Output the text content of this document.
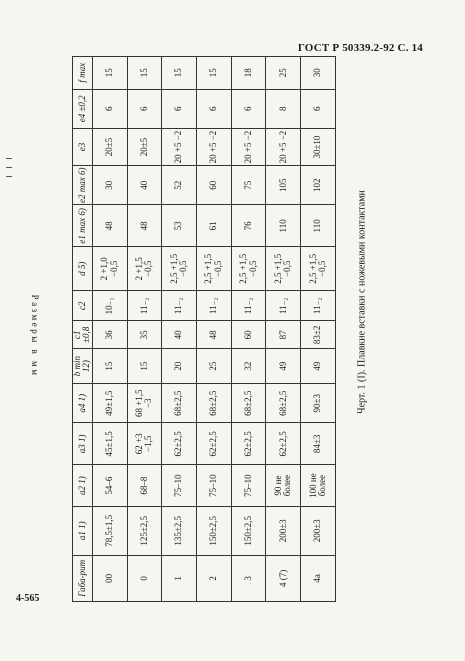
ГОСТ Р 50339.2-92 С. 14
Размеры в мм
Габа-рит	a1 1)	a2 1)	a3 1)	a4 1)	b min 12)	c1 ±0,8	c2	d 5)	e1 max 6)	e2 max 6)	e3	e4 ±0,2	f max
00	78,5±1,5	54–6	45±1,5	49±1,5	15	36	10₋₁	2 +1,0 −0,5	48	30	20±5	6	15
0	125±2,5	68–8	62 +3 −1,5	68 +1,5 −3	15	35	11₋₂	2 +1,5 −0,5	48	40	20±5	6	15
1	135±2,5	75–10	62±2,5	68±2,5	20	40	11₋₂	2,5 +1,5 −0,5	53	52	20 +5 −2	6	15
2	150±2,5	75–10	62±2,5	68±2,5	25	48	11₋₂	2,5 +1,5 −0,5	61	60	20 +5 −2	6	15
3	150±2,5	75–10	62±2,5	68±2,5	32	60	11₋₂	2,5 +1,5 −0,5	76	75	20 +5 −2	6	18
4 (7)	200±3	90 не более	62±2,5	68±2,5	49	87	11₋₂	2,5 +1,5 −0,5	110	105	20 +5 −2	8	25
4а	200±3	100 не более	84±3	90±3	49	83±2	11₋₂	2,5 +1,5 −0,5	110	102	30±10	6	30
Черт. 1 (I). Плавкие вставки с ножевыми контактами
4-565
